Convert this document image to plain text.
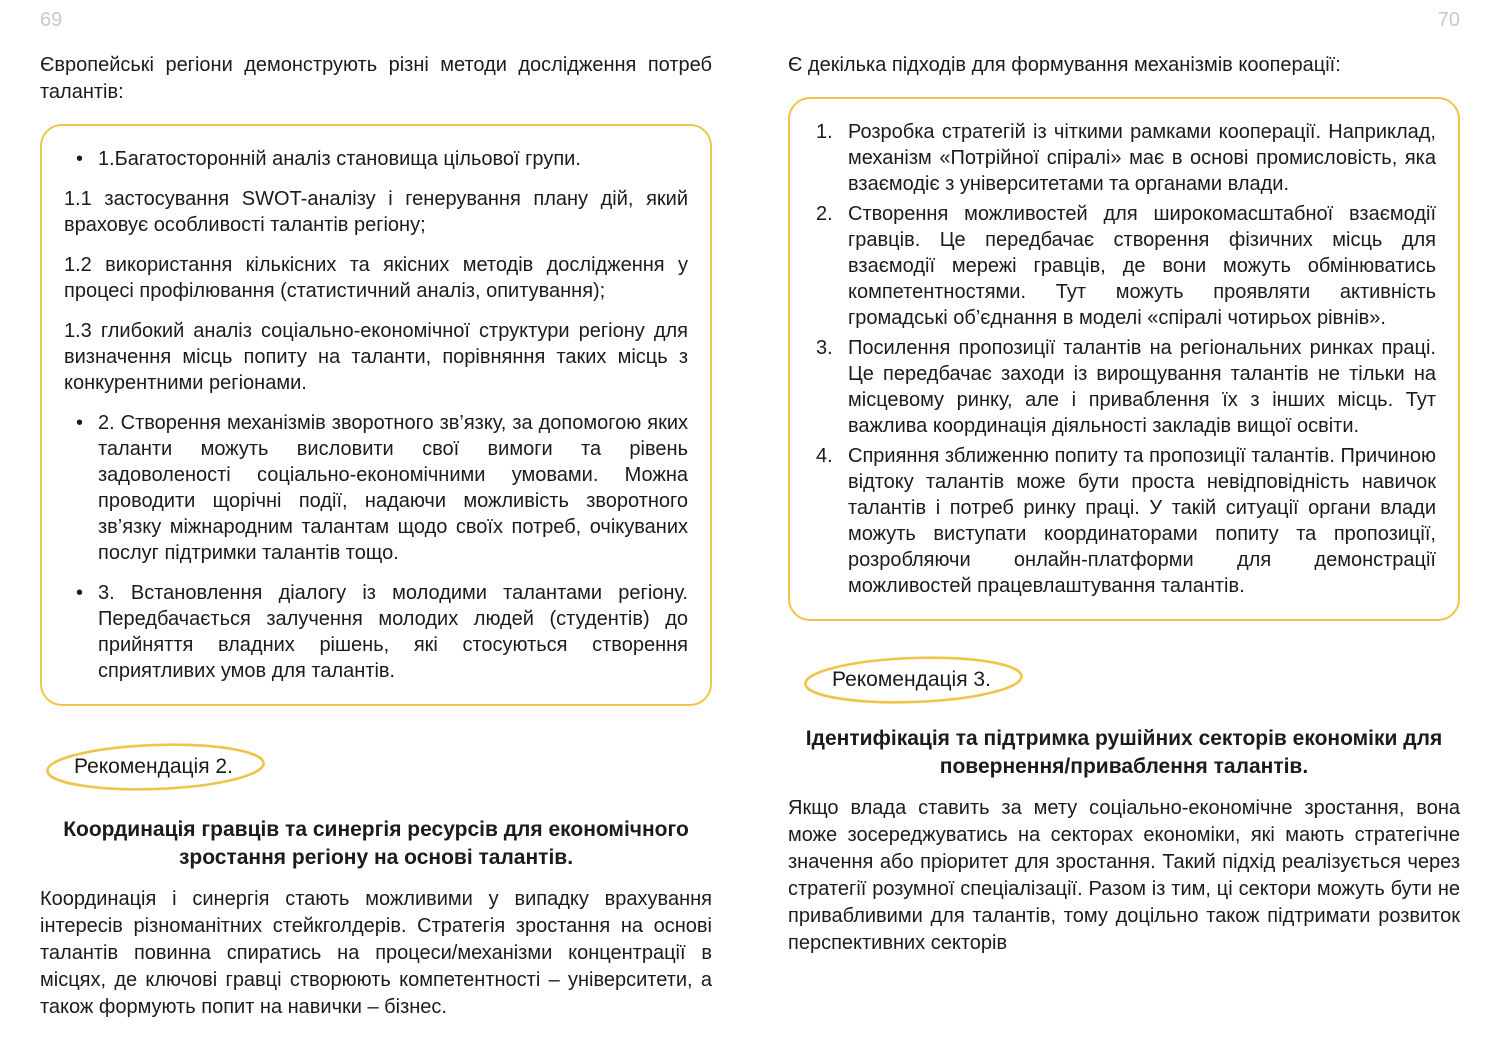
69

Європейські регіони демонструють різні методи дослідження потреб талантів:

• 1.Багатосторонній аналіз становища цільової групи.
1.1 застосування SWOT-аналізу і генерування плану дій, який враховує особливості талантів регіону;
1.2 використання кількісних та якісних методів дослідження у процесі профілювання (статистичний аналіз, опитування);
1.3 глибокий аналіз соціально-економічної структури регіону для визначення місць попиту на таланти, порівняння таких місць з конкурентними регіонами.
• 2. Створення механізмів зворотного зв’язку, за допомогою яких таланти можуть висловити свої вимоги та рівень задоволеності соціально-економічними умовами. Можна проводити щорічні події, надаючи можливість зворотного зв’язку міжнародним талантам щодо своїх потреб, очікуваних послуг підтримки талантів тощо.
• 3. Встановлення діалогу із молодими талантами регіону. Передбачається залучення молодих людей (студентів) до прийняття владних рішень, які стосуються створення сприятливих умов для талантів.
Рекомендація 2.
Координація гравців та синергія ресурсів для економічного зростання регіону на основі талантів.

Координація і синергія стають можливими у випадку врахування інтересів різноманітних стейкголдерів. Стратегія зростання на основі талантів повинна спиратись на процеси/механізми концентрації в місцях, де ключові гравці створюють компетентності – університети, а також формують попит на навички – бізнес.

70

Є декілька підходів для формування механізмів кооперації:

1. Розробка стратегій із чіткими рамками кооперації. Наприклад, механізм «Потрійної спіралі» має в основі промисловість, яка взаємодіє з університетами та органами влади.
2. Створення можливостей для широкомасштабної взаємодії гравців. Це передбачає створення фізичних місць для взаємодії мережі гравців, де вони можуть обмінюватись компетентностями. Тут можуть проявляти активність громадські об’єднання в моделі «спіралі чотирьох рівнів».
3. Посилення пропозиції талантів на регіональних ринках праці. Це передбачає заходи із вирощування талантів не тільки на місцевому ринку, але і приваблення їх з інших місць. Тут важлива координація діяльності закладів вищої освіти.
4. Сприяння зближенню попиту та пропозиції талантів. Причиною відтоку талантів може бути проста невідповідність навичок талантів і потреб ринку праці. У такій ситуації органи влади можуть виступати координаторами попиту та пропозиції, розробляючи онлайн-платформи для демонстрації можливостей працевлаштування талантів.
Рекомендація 3.
Ідентифікація та підтримка рушійних секторів економіки для повернення/приваблення талантів.

Якщо влада ставить за мету соціально-економічне зростання, вона може зосереджуватись на секторах економіки, які мають стратегічне значення або пріоритет для зростання. Такий підхід реалізується через стратегії розумної спеціалізації. Разом із тим, ці сектори можуть бути не привабливими для талантів, тому доцільно також підтримати розвиток перспективних секторів
